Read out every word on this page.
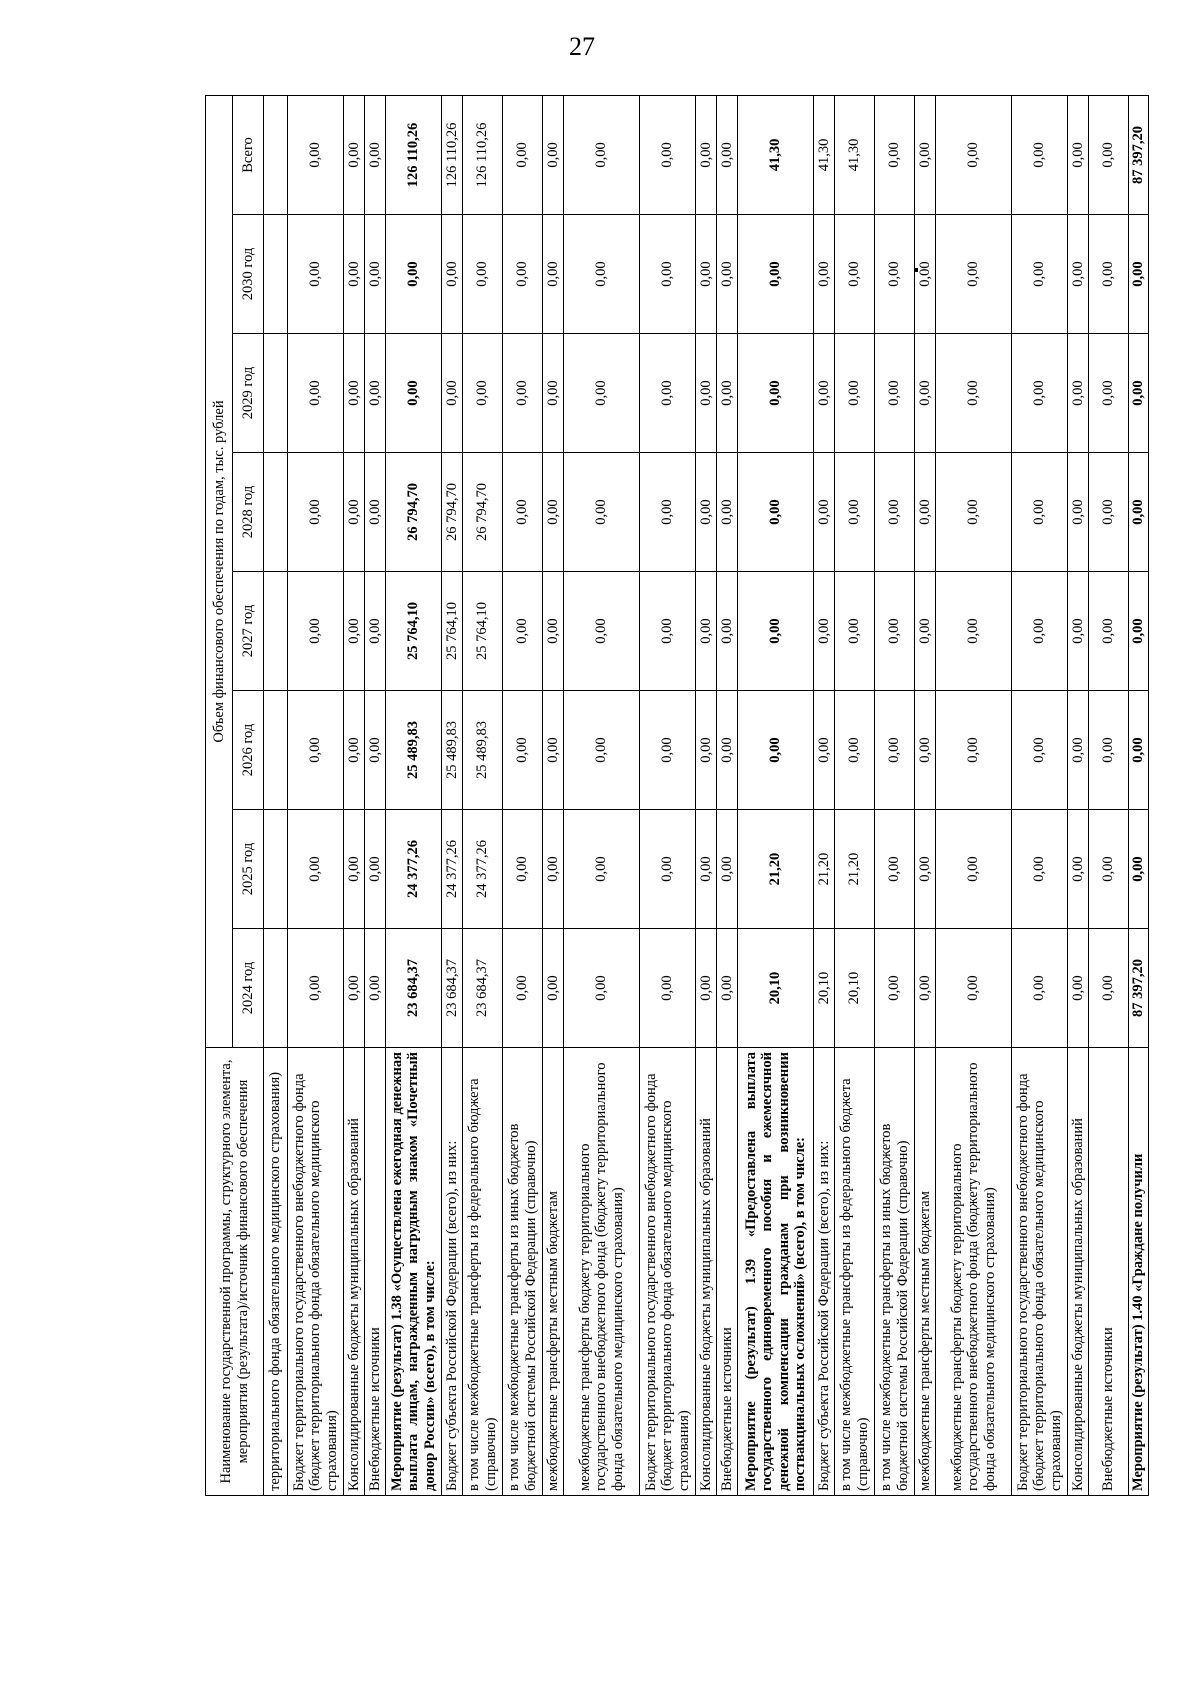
27
Наименование государственной программы, структурного элемента, мероприятия (результата)/источник финансового обеспечения	Объем финансового обеспечения по годам, тыс. рублей							
	2024 год	2025 год	2026 год	2027 год	2028 год	2029 год	2030 год	Всего
территориального фонда обязательного медицинского страхования)								
Бюджет территориального государственного внебюджетного фонда (бюджет территориального фонда обязательного медицинского страхования)	0,00	0,00	0,00	0,00	0,00	0,00	0,00	0,00
Консолидированные бюджеты муниципальных образований	0,00	0,00	0,00	0,00	0,00	0,00	0,00	0,00
Внебюджетные источники	0,00	0,00	0,00	0,00	0,00	0,00	0,00	0,00
Мероприятие (результат) 1.38 «Осуществлена ежегодная денежная выплата лицам, награжденным нагрудным знаком «Почетный донор России» (всего), в том числе:	23 684,37	24 377,26	25 489,83	25 764,10	26 794,70	0,00	0,00	126 110,26
Бюджет субъекта Российской Федерации (всего), из них:	23 684,37	24 377,26	25 489,83	25 764,10	26 794,70	0,00	0,00	126 110,26
в том числе межбюджетные трансферты из федерального бюджета (справочно)	23 684,37	24 377,26	25 489,83	25 764,10	26 794,70	0,00	0,00	126 110,26
в том числе межбюджетные трансферты из иных бюджетов бюджетной системы Российской Федерации (справочно)	0,00	0,00	0,00	0,00	0,00	0,00	0,00	0,00
межбюджетные трансферты местным бюджетам	0,00	0,00	0,00	0,00	0,00	0,00	0,00	0,00
межбюджетные трансферты бюджету территориального государственного внебюджетного фонда (бюджету территориального фонда обязательного медицинского страхования)	0,00	0,00	0,00	0,00	0,00	0,00	0,00	0,00
Бюджет территориального государственного внебюджетного фонда (бюджет территориального фонда обязательного медицинского страхования)	0,00	0,00	0,00	0,00	0,00	0,00	0,00	0,00
Консолидированные бюджеты муниципальных образований	0,00	0,00	0,00	0,00	0,00	0,00	0,00	0,00
Внебюджетные источники	0,00	0,00	0,00	0,00	0,00	0,00	0,00	0,00
Мероприятие (результат) 1.39 «Предоставлена выплата государственного единовременного пособия и ежемесячной денежной компенсации гражданам при возникновении поствакцинальных осложнений» (всего), в том числе:	20,10	21,20	0,00	0,00	0,00	0,00	0,00	41,30
Бюджет субъекта Российской Федерации (всего), из них:	20,10	21,20	0,00	0,00	0,00	0,00	0,00	41,30
в том числе межбюджетные трансферты из федерального бюджета (справочно)	20,10	21,20	0,00	0,00	0,00	0,00	0,00	41,30
в том числе межбюджетные трансферты из иных бюджетов бюджетной системы Российской Федерации (справочно)	0,00	0,00	0,00	0,00	0,00	0,00	0,00	0,00
межбюджетные трансферты местным бюджетам	0,00	0,00	0,00	0,00	0,00	0,00	0,00	0,00
межбюджетные трансферты бюджету территориального государственного внебюджетного фонда (бюджету территориального фонда обязательного медицинского страхования)	0,00	0,00	0,00	0,00	0,00	0,00	0,00	0,00
Бюджет территориального государственного внебюджетного фонда (бюджет территориального фонда обязательного медицинского страхования)	0,00	0,00	0,00	0,00	0,00	0,00	0,00	0,00
Консолидированные бюджеты муниципальных образований	0,00	0,00	0,00	0,00	0,00	0,00	0,00	0,00
Внебюджетные источники	0,00	0,00	0,00	0,00	0,00	0,00	0,00	0,00
Мероприятие (результат) 1.40 «Граждане получили	87 397,20	0,00	0,00	0,00	0,00	0,00	0,00	87 397,20
